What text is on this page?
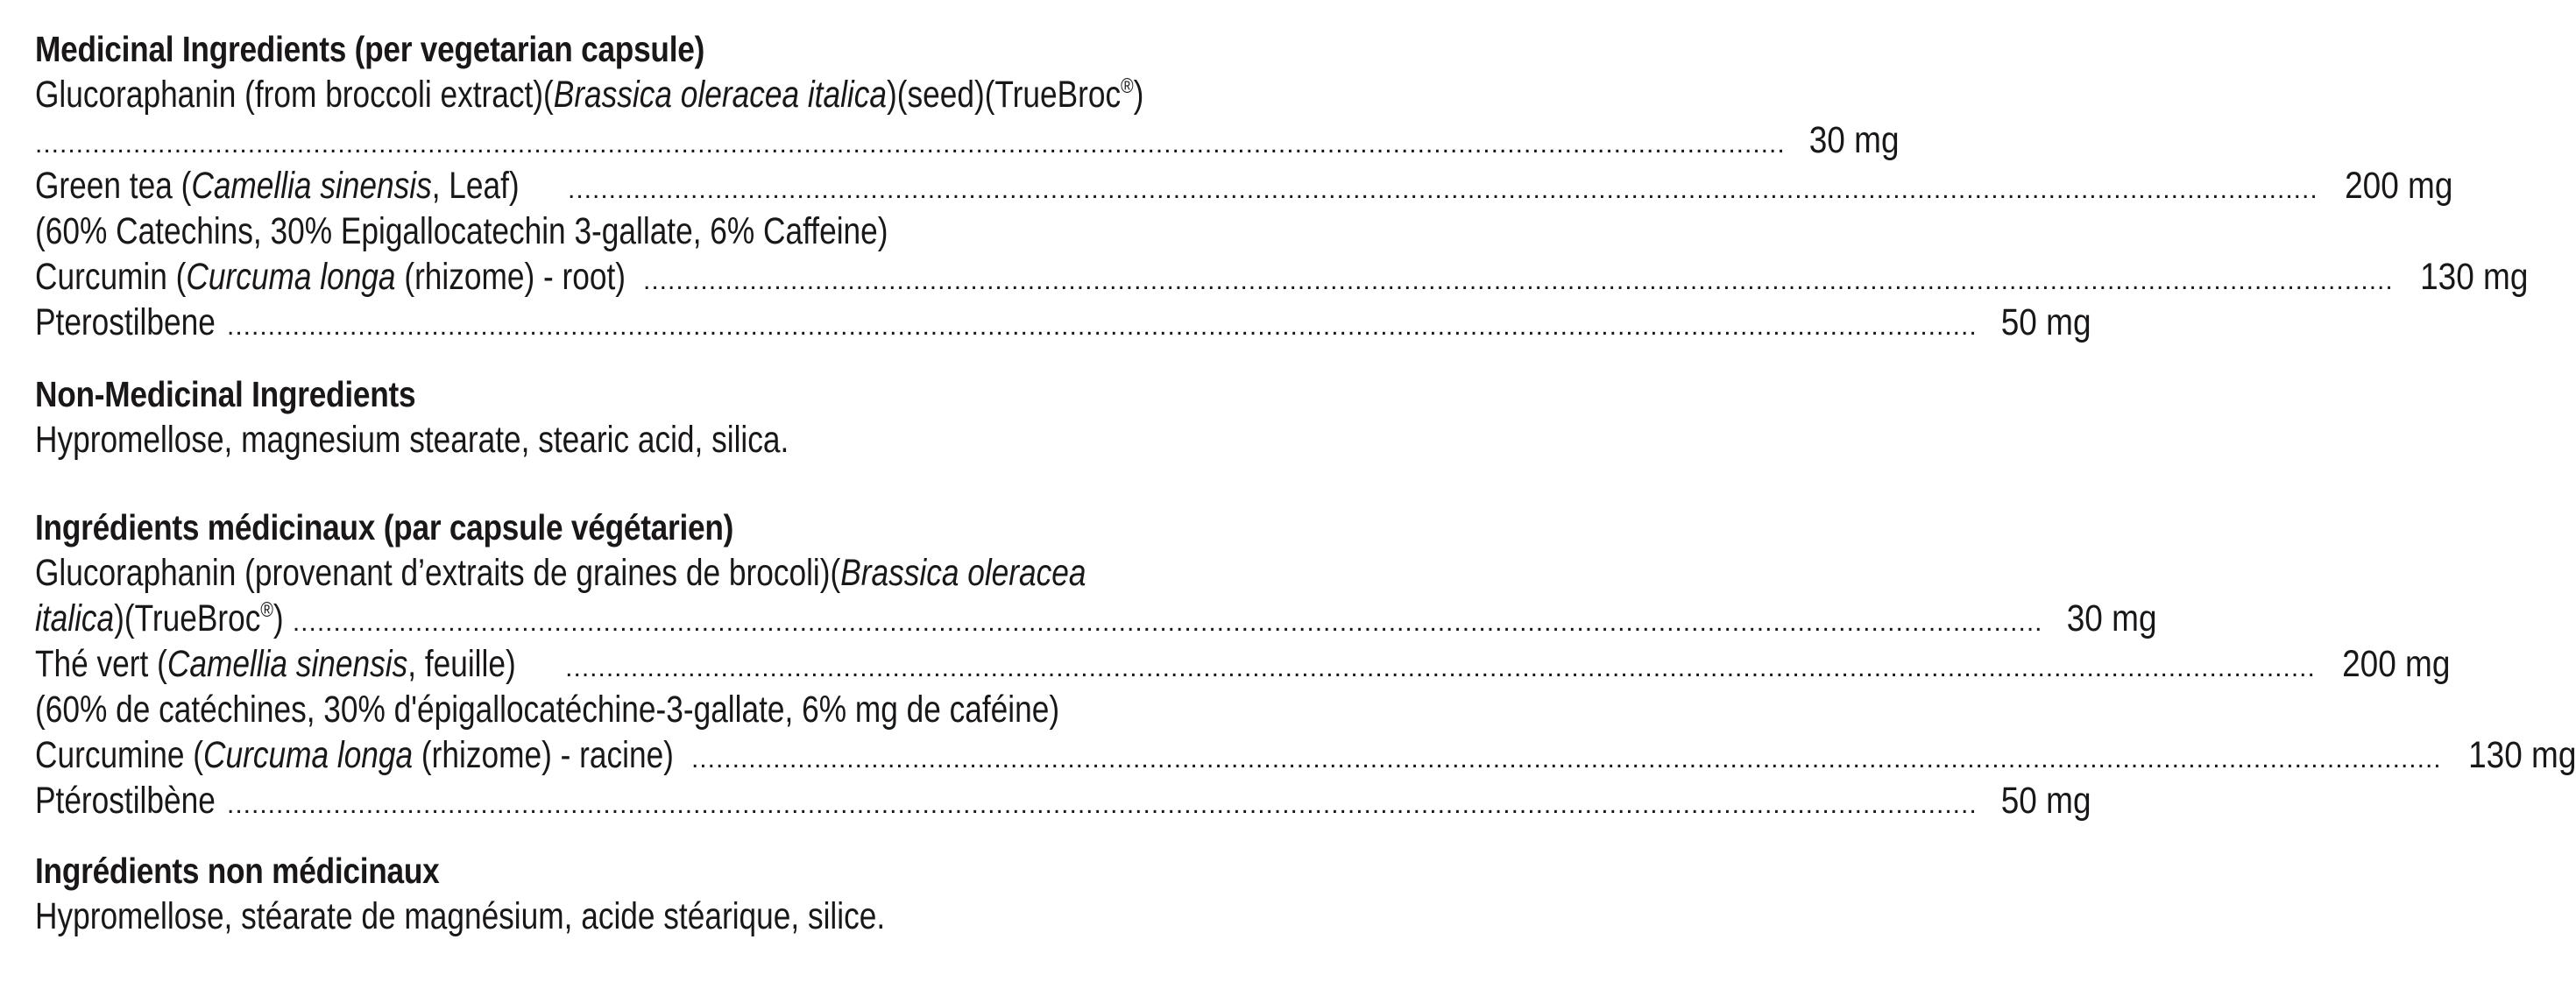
Medicinal Ingredients (per vegetarian capsule)
Glucoraphanin (from broccoli extract)(Brassica oleracea italica)(seed)(TrueBroc®)
...................................................................................................................................................................................................................... 30 mg
Green tea (Camellia sinensis, Leaf) ...................................................................................................................................................................................................................... 200 mg
(60% Catechins, 30% Epigallocatechin 3-gallate, 6% Caffeine)
Curcumin (Curcuma longa (rhizome) - root) ...................................................................................................................................................................................................................... 130 mg
Pterostilbene ...................................................................................................................................................................................................................... 50 mg
Non-Medicinal Ingredients
Hypromellose, magnesium stearate, stearic acid, silica.
Ingrédients médicinaux (par capsule végétarien)
Glucoraphanin (provenant d’extraits de graines de brocoli)(Brassica oleracea
italica)(TrueBroc®) ...................................................................................................................................................................................................................... 30 mg
Thé vert (Camellia sinensis, feuille) ...................................................................................................................................................................................................................... 200 mg
(60% de catéchines, 30% d'épigallocatéchine-3-gallate, 6% mg de caféine)
Curcumine (Curcuma longa (rhizome) - racine) ...................................................................................................................................................................................................................... 130 mg
Ptérostilbène ...................................................................................................................................................................................................................... 50 mg
Ingrédients non médicinaux
Hypromellose, stéarate de magnésium, acide stéarique, silice.
